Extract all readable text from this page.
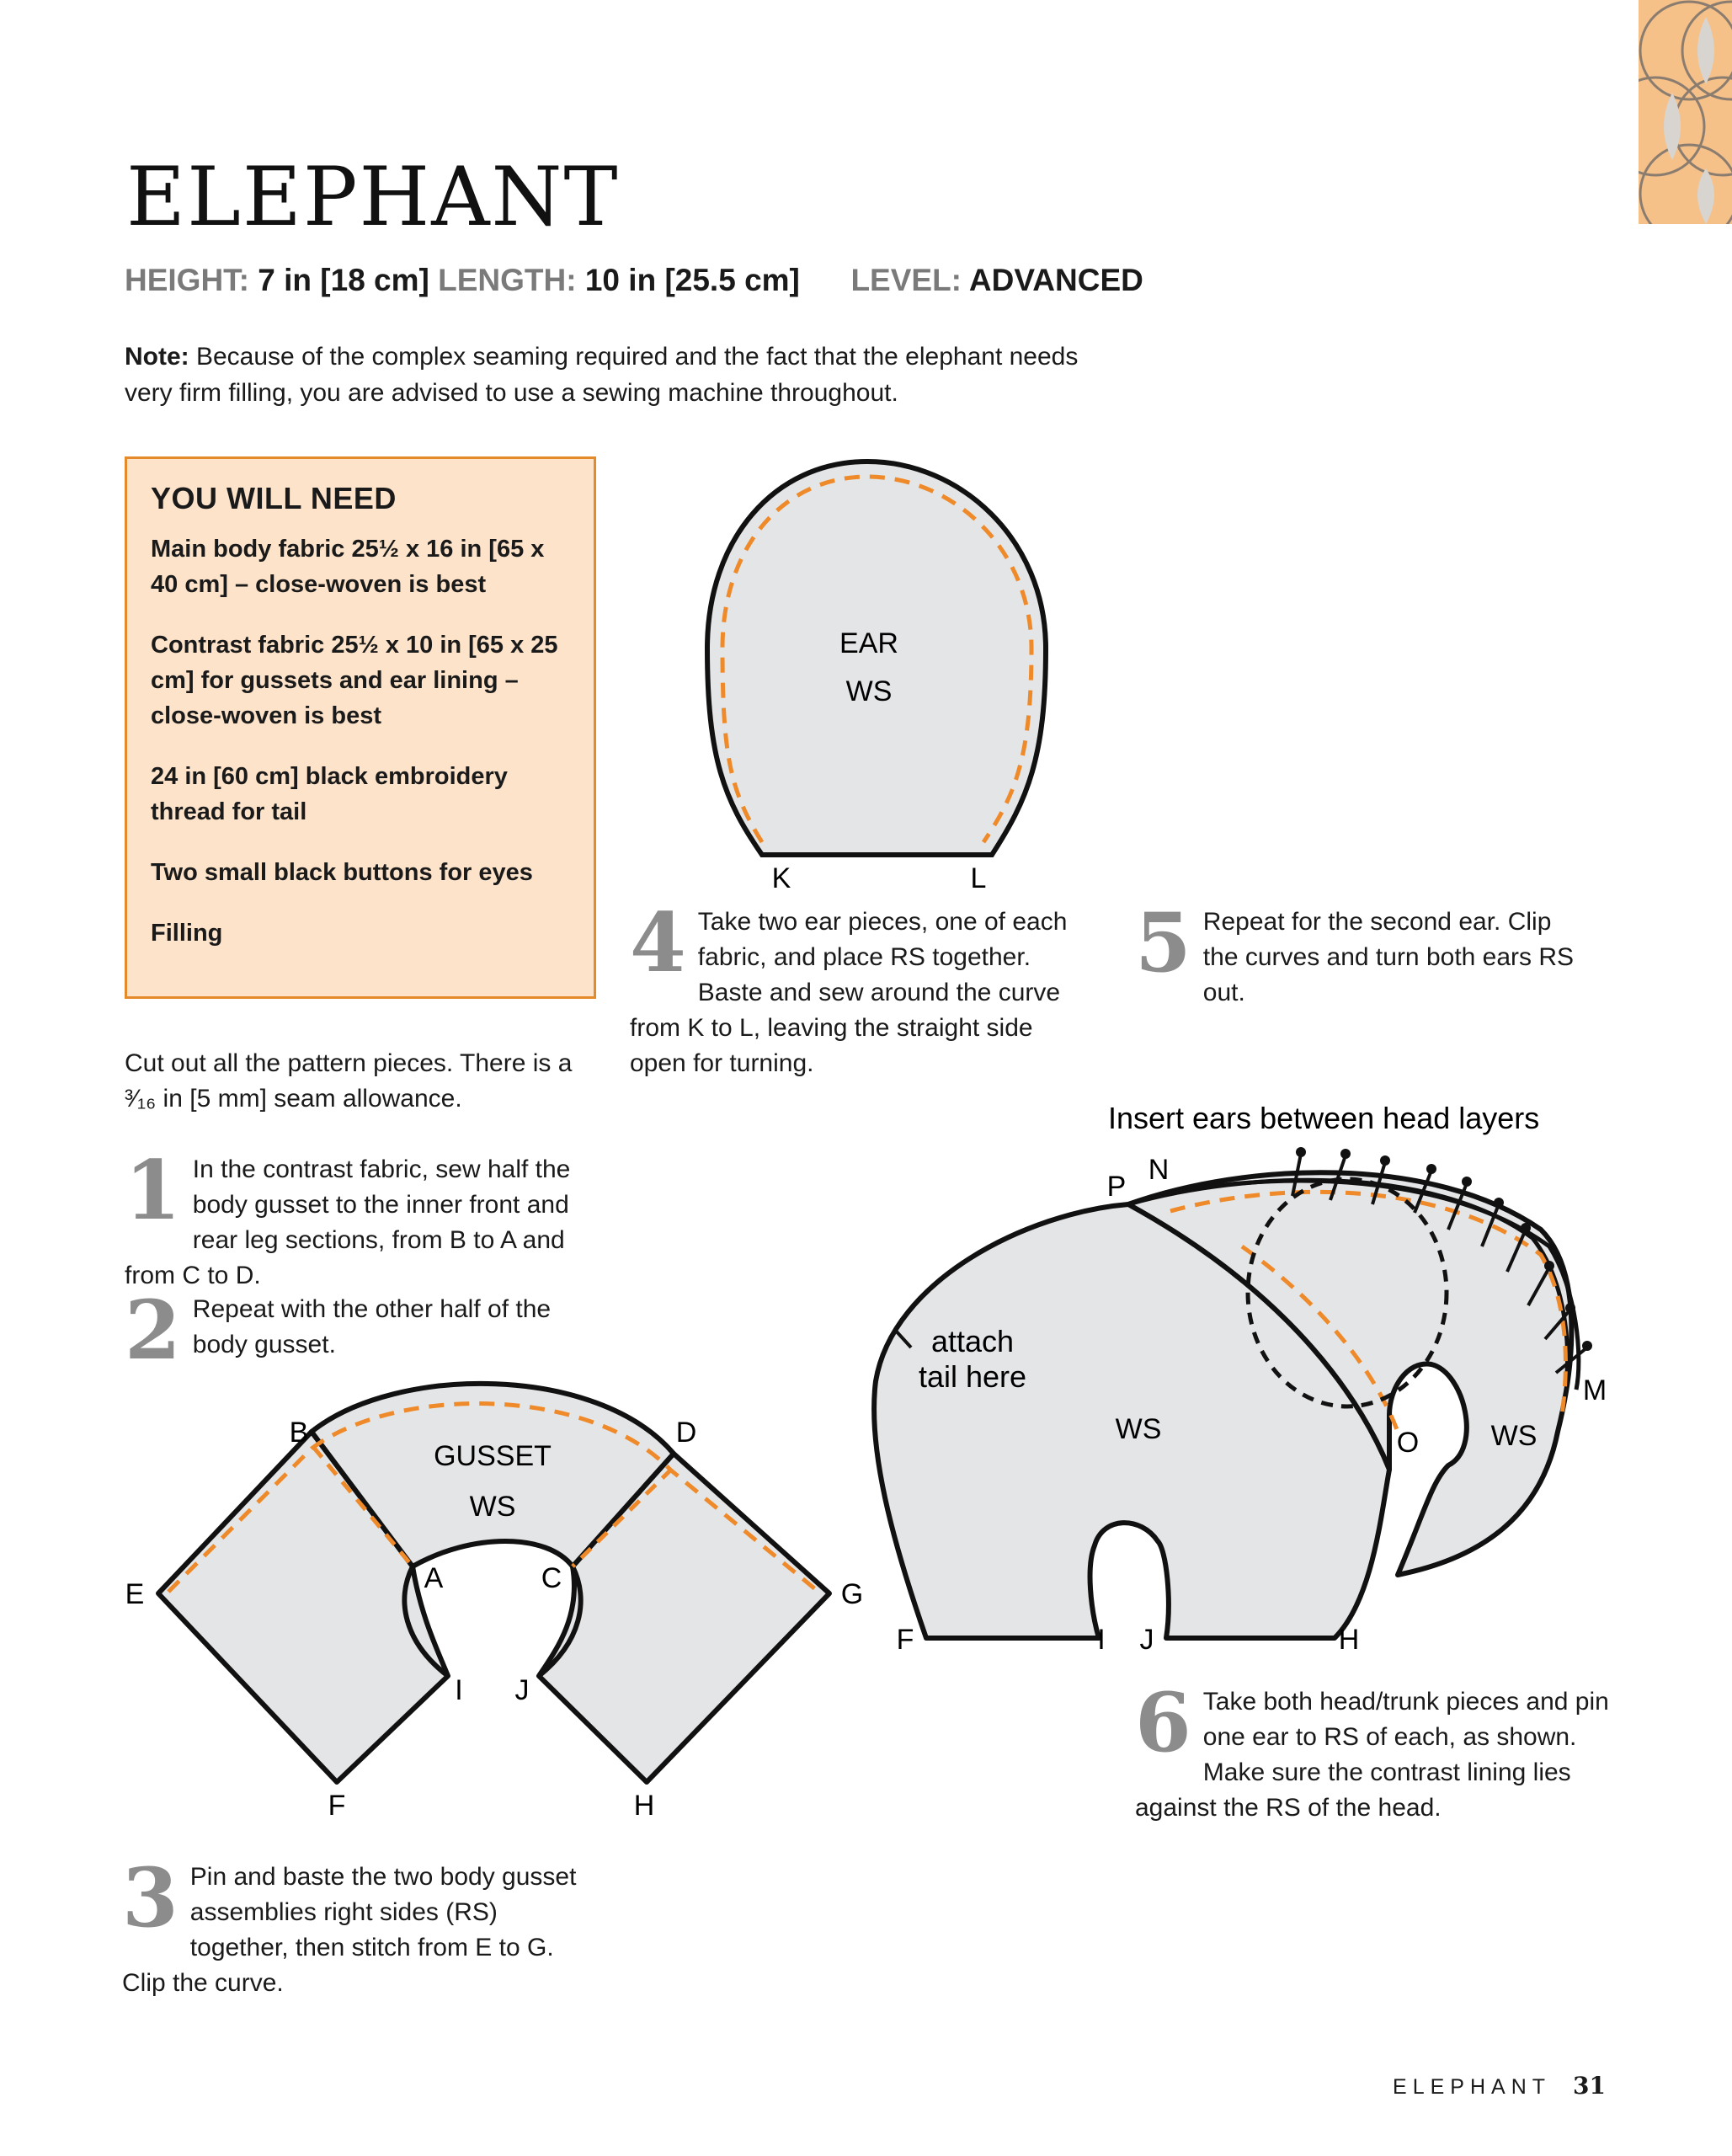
ELEPHANT
HEIGHT: 7 in [18 cm] LENGTH: 10 in [25.5 cm] LEVEL: ADVANCED
Note: Because of the complex seaming required and the fact that the elephant needs very firm filling, you are advised to use a sewing machine throughout.
YOU WILL NEED

Main body fabric 25½ x 16 in [65 x 40 cm] – close-woven is best

Contrast fabric 25½ x 10 in [65 x 25 cm] for gussets and ear lining – close-woven is best

24 in [60 cm] black embroidery thread for tail

Two small black buttons for eyes

Filling

Cut out all the pattern pieces. There is a ³⁄₁₆ in [5 mm] seam allowance.
1 In the contrast fabric, sew half the body gusset to the inner front and rear leg sections, from B to A and from C to D.
2 Repeat with the other half of the body gusset.
3 Pin and baste the two body gusset assemblies right sides (RS) together, then stitch from E to G. Clip the curve.
4 Take two ear pieces, one of each fabric, and place RS together. Baste and sew around the curve from K to L, leaving the straight side open for turning.
5 Repeat for the second ear. Clip the curves and turn both ears RS out.
6 Take both head/trunk pieces and pin one ear to RS of each, as shown. Make sure the contrast lining lies against the RS of the head.
EAR
WS
K	L
GUSSET
WS
B	D
E	G
A	C
I J
F	H
Insert ears between head layers
attach
tail here
WS	WS
P
N
M
O
F	I J	H
ELEPHANT 31
